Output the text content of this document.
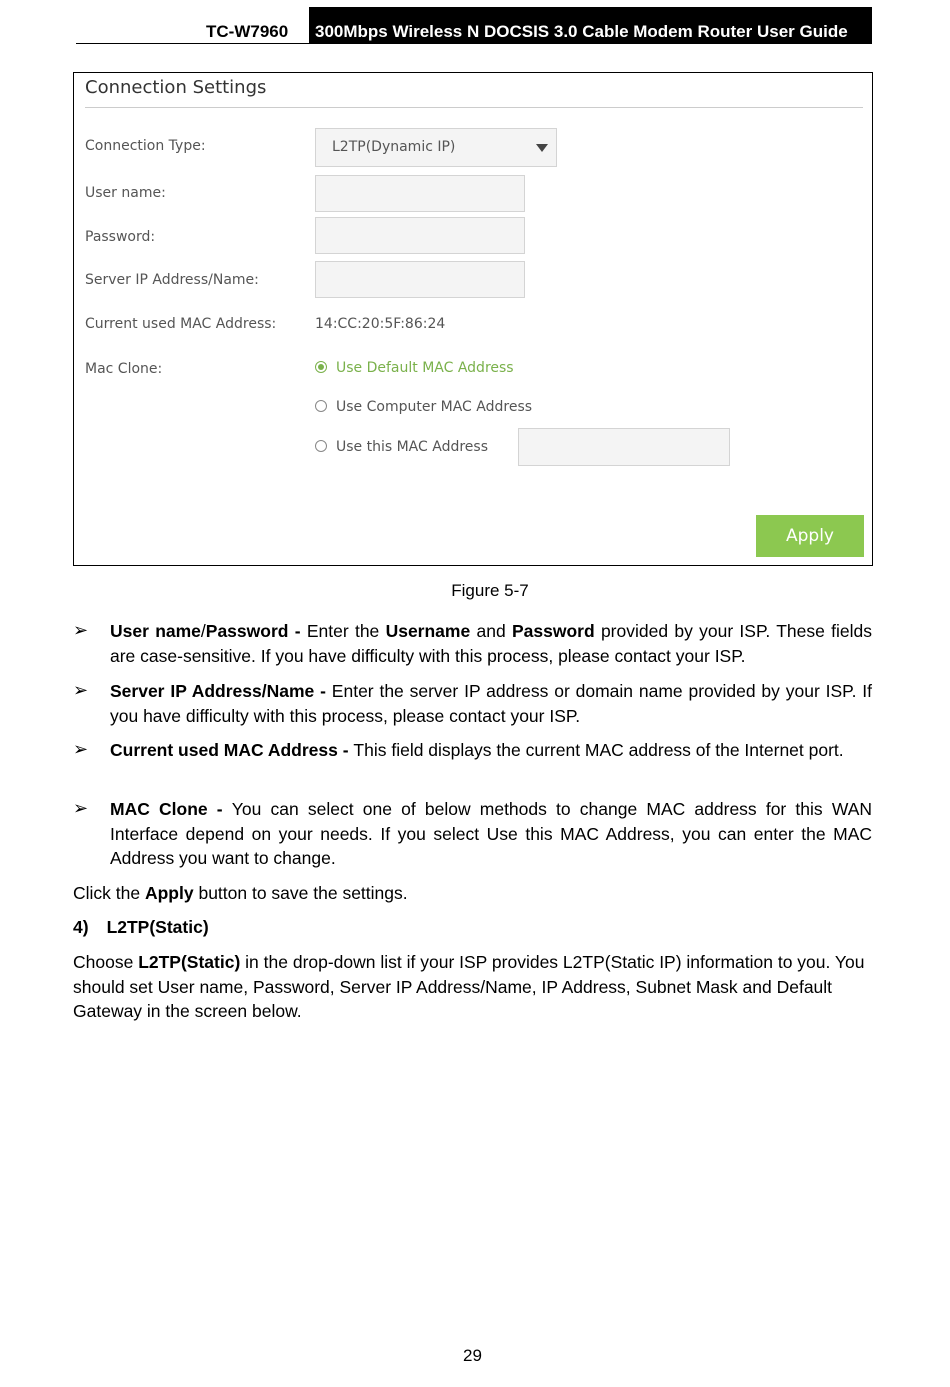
TC-W7960	300Mbps Wireless N DOCSIS 3.0 Cable Modem Router User Guide
Connection Settings
Connection Type:	L2TP(Dynamic IP)
User name:
Password:
Server IP Address/Name:
Current used MAC Address:	14:CC:20:5F:86:24
Mac Clone:	Use Default MAC Address
Use Computer MAC Address
Use this MAC Address
Apply
Figure 5-7
➢	User name/Password - Enter the Username and Password provided by your ISP. These fields are case-sensitive. If you have difficulty with this process, please contact your ISP.
➢	Server IP Address/Name - Enter the server IP address or domain name provided by your ISP. If you have difficulty with this process, please contact your ISP.
➢	Current used MAC Address - This field displays the current MAC address of the Internet port.
➢	MAC Clone - You can select one of below methods to change MAC address for this WAN Interface depend on your needs. If you select Use this MAC Address, you can enter the MAC Address you want to change.
Click the Apply button to save the settings.
4) L2TP(Static)
Choose L2TP(Static) in the drop-down list if your ISP provides L2TP(Static IP) information to you. You should set User name, Password, Server IP Address/Name, IP Address, Subnet Mask and Default Gateway in the screen below.
29
